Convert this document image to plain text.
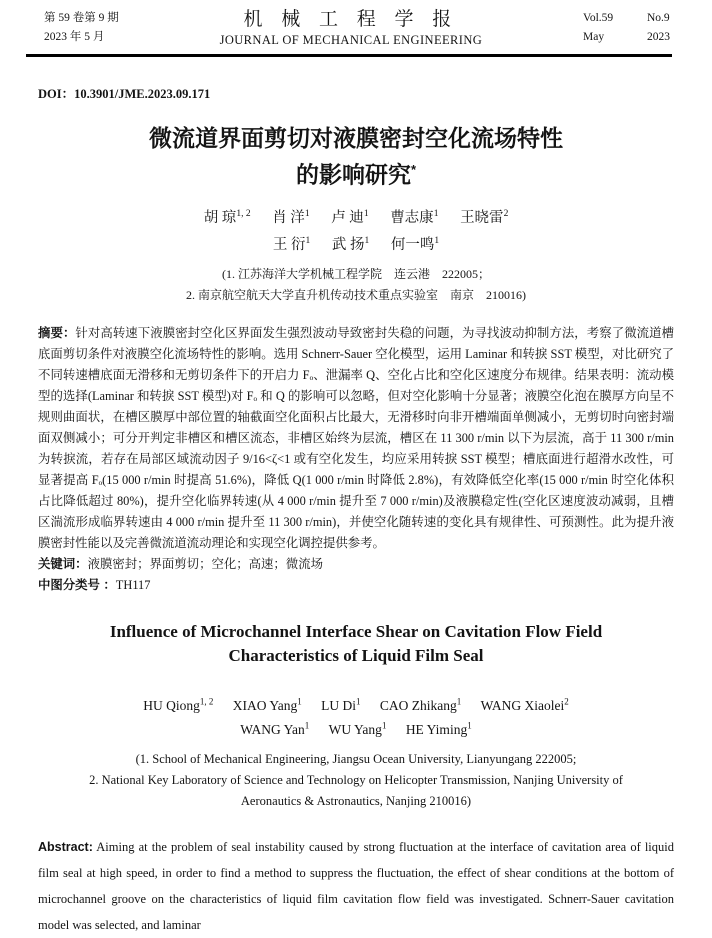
第 59 卷第 9 期
2023 年 5 月
机 械 工 程 学 报
JOURNAL OF MECHANICAL ENGINEERING
Vol.59	No.9
May	2023
DOI：10.3901/JME.2023.09.171
微流道界面剪切对液膜密封空化流场特性
的影响研究*
胡 琼$^{1, 2}$ 肖 洋$^1$ 卢 迪$^1$ 曹志康$^1$ 王晓雷$^2$
王 衍$^1$ 武 扬$^1$ 何一鸣$^1$
(1. 江苏海洋大学机械工程学院　连云港　222005；
2. 南京航空航天大学直升机传动技术重点实验室　南京　210016)

摘要：针对高转速下液膜密封空化区界面发生强烈波动导致密封失稳的问题，为寻找波动抑制方法，考察了微流道槽底面剪切条件对液膜空化流场特性的影响。选用 Schnerr-Sauer 空化模型，运用 Laminar 和转捩 SST 模型，对比研究了不同转速槽底面无滑移和无剪切条件下的开启力 Fₒ、泄漏率 Q、空化占比和空化区速度分布规律。结果表明：流动模型的选择(Laminar 和转捩 SST 模型)对 Fₒ 和 Q 的影响可以忽略，但对空化影响十分显著；液膜空化泡在膜厚方向呈不规则曲面状，在槽区膜厚中部位置的轴截面空化面积占比最大，无滑移时向非开槽端面单侧减小，无剪切时向密封端面双侧减小；可分开判定非槽区和槽区流态，非槽区始终为层流，槽区在 11 300 r/min 以下为层流，高于 11 300 r/min 为转捩流，若存在局部区域流动因子 9/16<ζ<1 或有空化发生，均应采用转捩 SST 模型；槽底面进行超滑水改性，可显著提高 Fₒ(15 000 r/min 时提高 51.6%)，降低 Q(1 000 r/min 时降低 2.8%)，有效降低空化率(15 000 r/min 时空化体积占比降低超过 80%)，提升空化临界转速(从 4 000 r/min 提升至 7 000 r/min)及液膜稳定性(空化区速度波动减弱，且槽区湍流形成临界转速由 4 000 r/min 提升至 11 300 r/min)，并使空化随转速的变化具有规律性、可预测性。此为提升液膜密封性能以及完善微流道流动理论和实现空化调控提供参考。

关键词：液膜密封；界面剪切；空化；高速；微流场

中图分类号 ：TH117

Influence of Microchannel Interface Shear on Cavitation Flow Field
Characteristics of Liquid Film Seal
HU Qiong$^{1, 2}$ XIAO Yang$^1$ LU Di$^1$ CAO Zhikang$^1$ WANG Xiaolei$^2$
WANG Yan$^1$ WU Yang$^1$ HE Yiming$^1$
(1. School of Mechanical Engineering, Jiangsu Ocean University, Lianyungang 222005;
2. National Key Laboratory of Science and Technology on Helicopter Transmission, Nanjing University of
Aeronautics & Astronautics, Nanjing 210016)

Abstract: Aiming at the problem of seal instability caused by strong fluctuation at the interface of cavitation area of liquid film seal at high speed, in order to find a method to suppress the fluctuation, the effect of shear conditions at the bottom of microchannel groove on the characteristics of liquid film cavitation flow field was investigated. Schnerr-Sauer cavitation model was selected, and laminar
